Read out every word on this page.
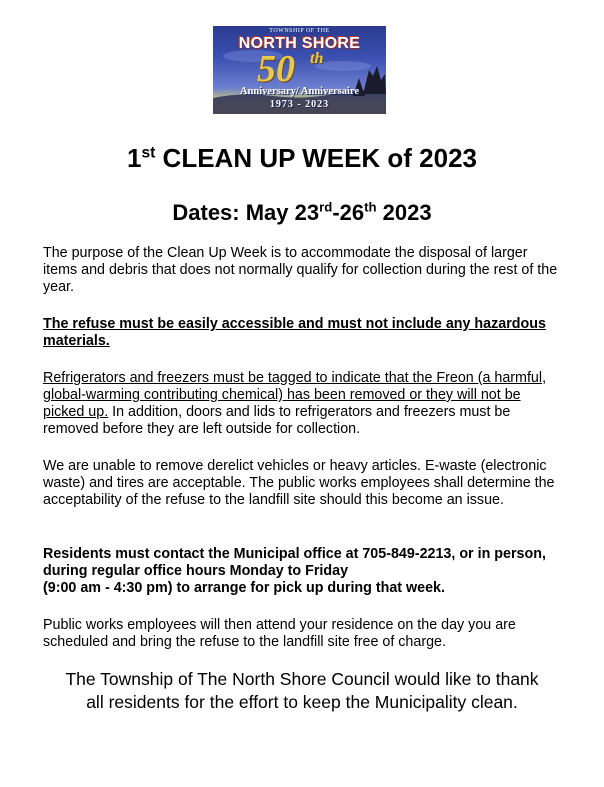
TOWNSHIP OF THE
NORTH SHORE
50 th
Anniversary/ Anniversaire
1973 - 2023
1st CLEAN UP WEEK of 2023
Dates: May 23rd-26th 2023

The purpose of the Clean Up Week is to accommodate the disposal of larger items and debris that does not normally qualify for collection during the rest of the year.

The refuse must be easily accessible and must not include any hazardous materials.

Refrigerators and freezers must be tagged to indicate that the Freon (a harmful, global-warming contributing chemical) has been removed or they will not be picked up. In addition, doors and lids to refrigerators and freezers must be removed before they are left outside for collection.

We are unable to remove derelict vehicles or heavy articles. E-waste (electronic waste) and tires are acceptable. The public works employees shall determine the acceptability of the refuse to the landfill site should this become an issue.

Residents must contact the Municipal office at 705-849-2213, or in person, during regular office hours Monday to Friday
(9:00 am - 4:30 pm) to arrange for pick up during that week.

Public works employees will then attend your residence on the day you are scheduled and bring the refuse to the landfill site free of charge.

The Township of The North Shore Council would like to thank
all residents for the effort to keep the Municipality clean.
